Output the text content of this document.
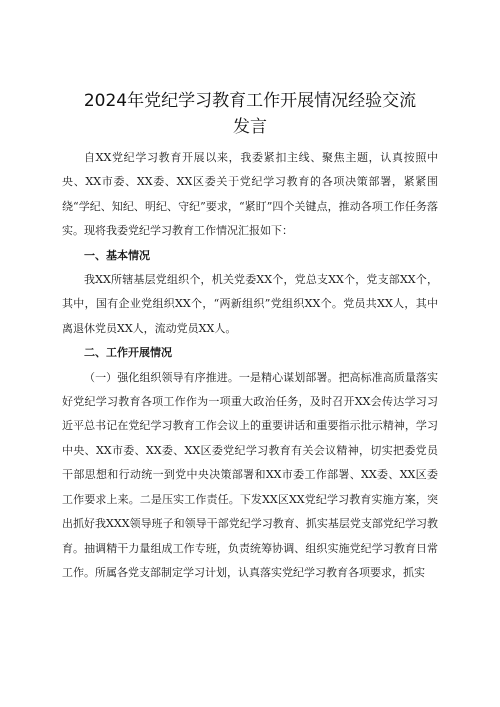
2024年党纪学习教育工作开展情况经验交流
发言

自XX党纪学习教育开展以来，我委紧扣主线、聚焦主题，认真按照中央、XX市委、XX委、XX区委关于党纪学习教育的各项决策部署，紧紧围绕“学纪、知纪、明纪、守纪”要求，“紧盯”四个关键点，推动各项工作任务落实。现将我委党纪学习教育工作情况汇报如下：

一、基本情况

我XX所辖基层党组织个，机关党委XX个，党总支XX个，党支部XX个，其中，国有企业党组织XX个，“两新组织”党组织XX个。党员共XX人，其中离退休党员XX人，流动党员XX人。

二、工作开展情况

（一）强化组织领导有序推进。一是精心谋划部署。把高标准高质量落实好党纪学习教育各项工作作为一项重大政治任务，及时召开XX会传达学习习近平总书记在党纪学习教育工作会议上的重要讲话和重要指示批示精神，学习中央、XX市委、XX委、XX区委党纪学习教育有关会议精神，切实把委党员干部思想和行动统一到党中央决策部署和XX市委工作部署、XX委、XX区委工作要求上来。二是压实工作责任。下发XX区XX党纪学习教育实施方案，突出抓好我XXX领导班子和领导干部党纪学习教育、抓实基层党支部党纪学习教育。抽调精干力量组成工作专班，负责统筹协调、组织实施党纪学习教育日常工作。所属各党支部制定学习计划，认真落实党纪学习教育各项要求，抓实
